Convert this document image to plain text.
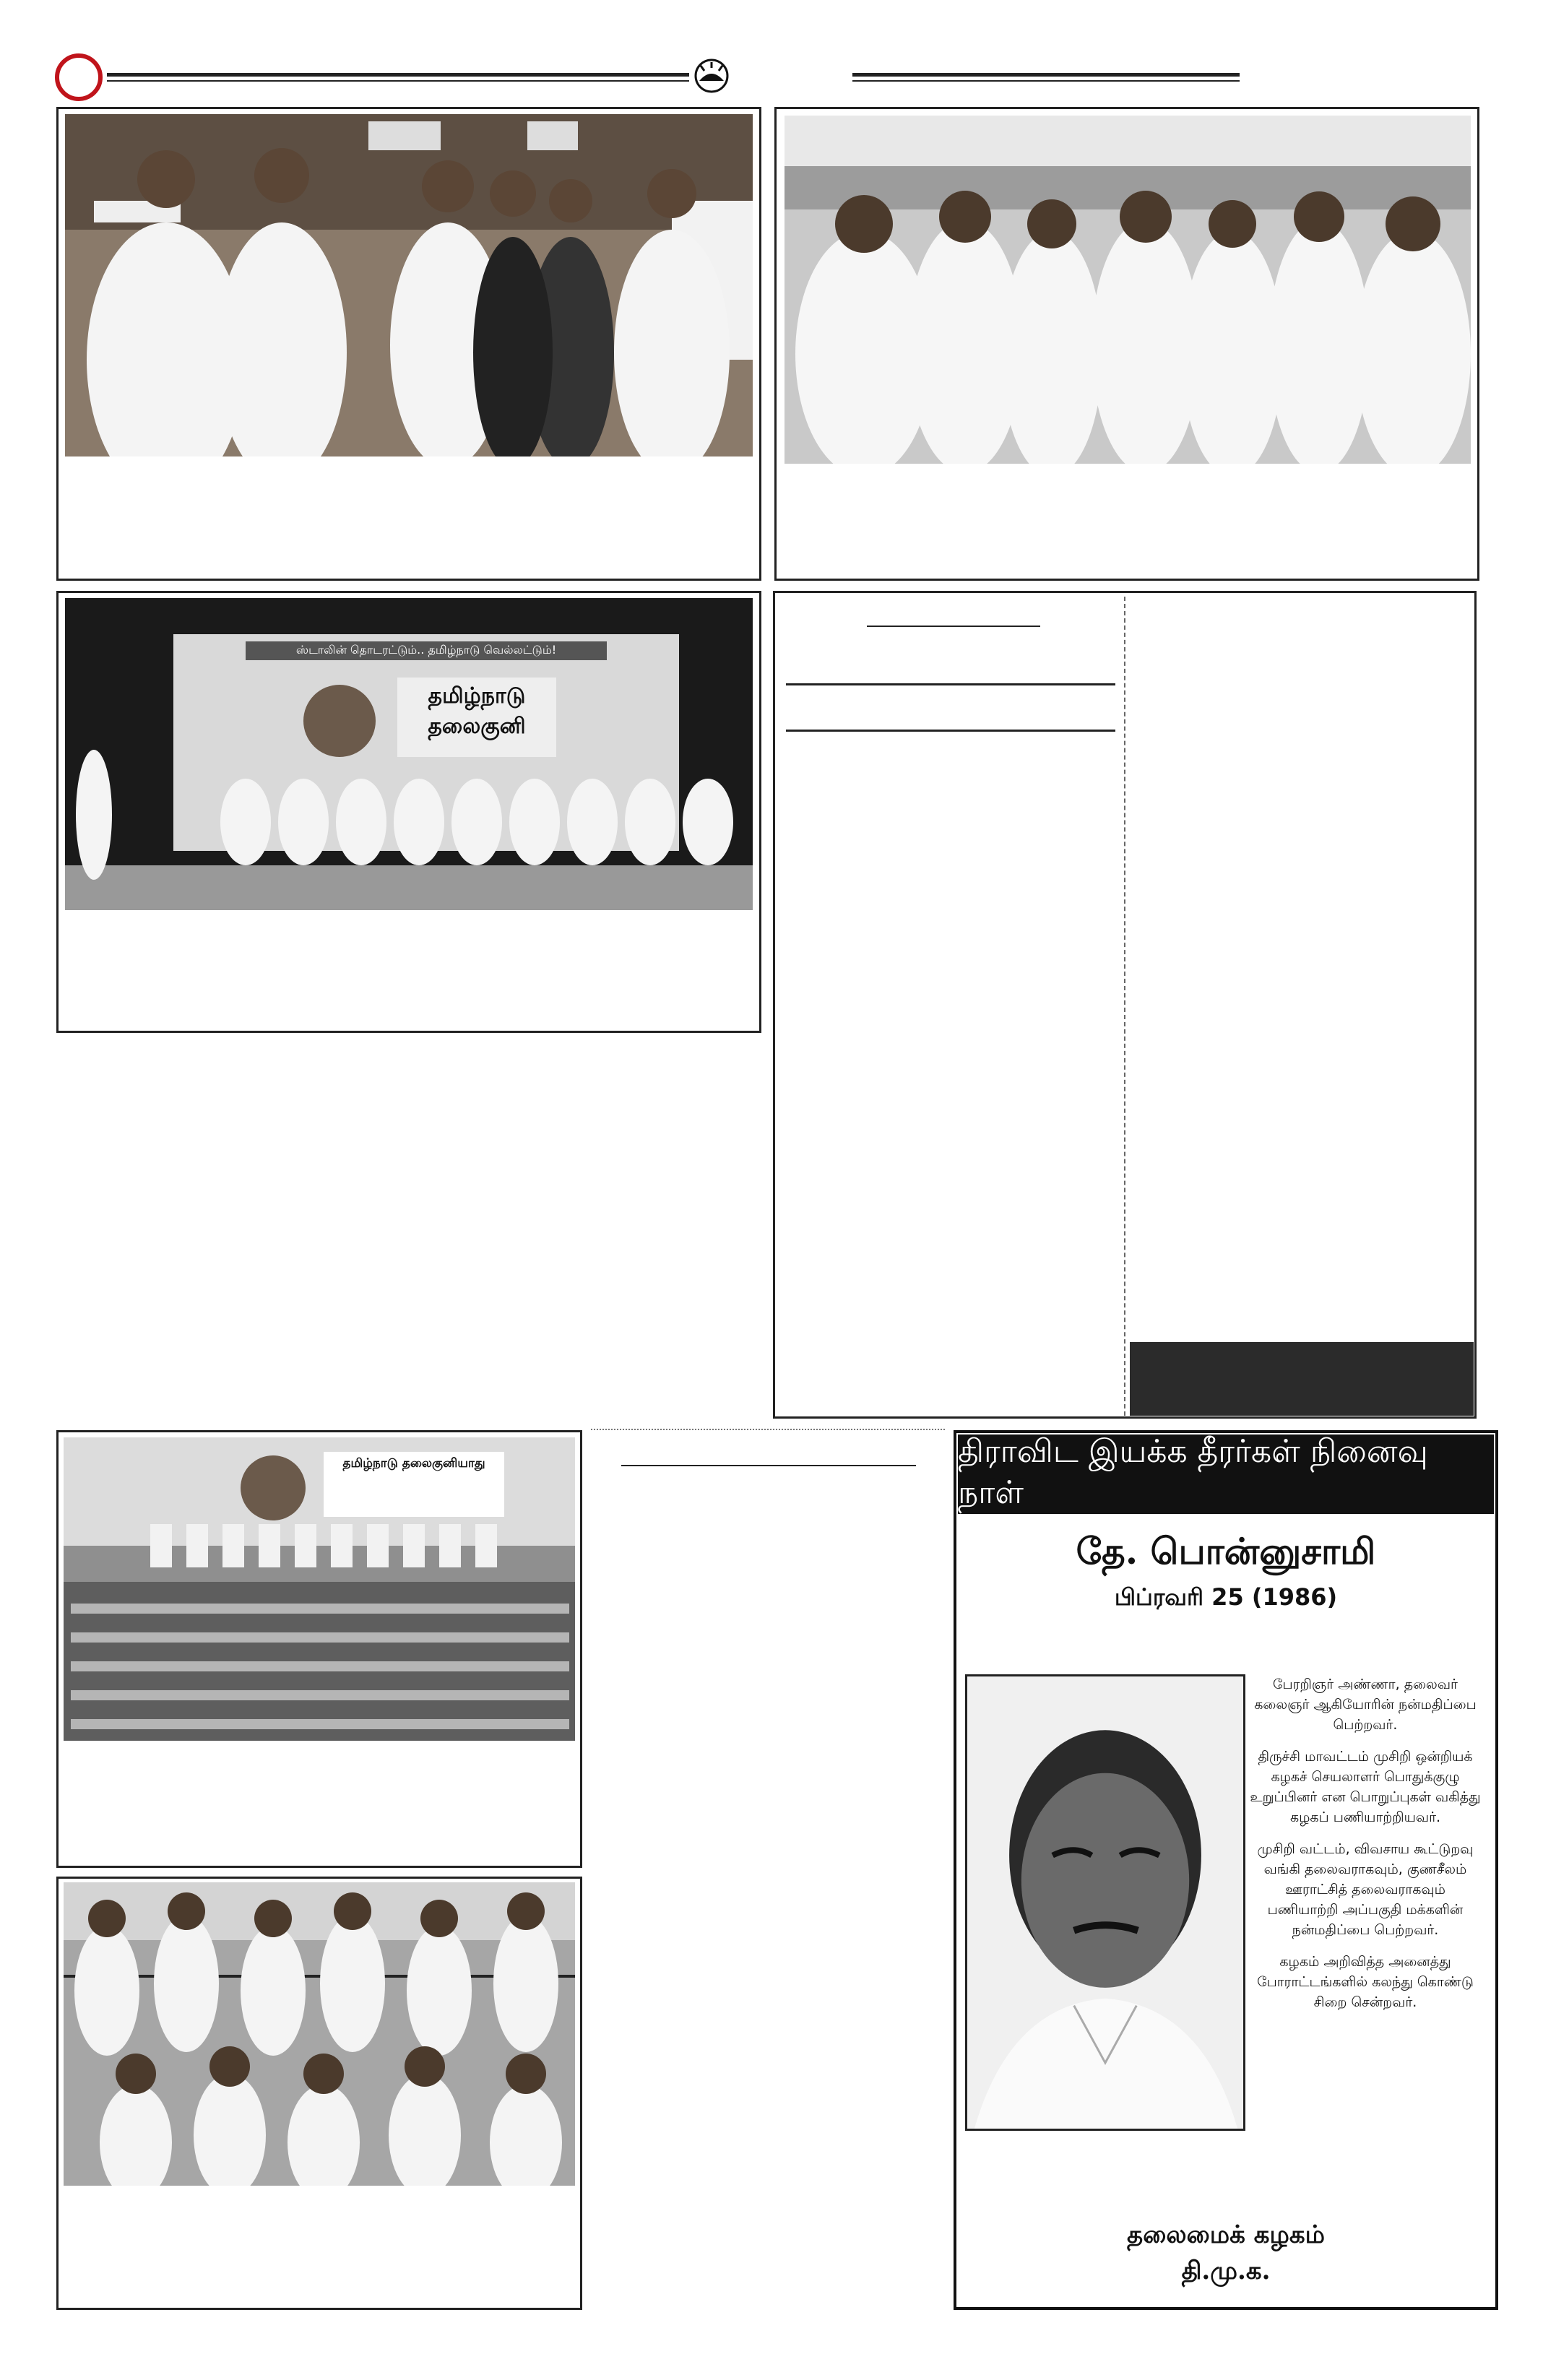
ஸ்டாலின் தொடரட்டும்.. தமிழ்நாடு வெல்லட்டும்!
தமிழ்நாடு
தலைகுனி
தமிழ்நாடு தலைகுனியாது	திராவிட இயக்க தீரர்கள் நினைவு நாள்
தே. பொன்னுசாமி
பிப்ரவரி 25 (1986)

பேரறிஞர் அண்ணா, தலைவர் கலைஞர் ஆகியோரின் நன்மதிப்பை பெற்றவர்.

திருச்சி மாவட்டம் முசிறி ஒன்றியக் கழகச் செயலாளர் பொதுக்குழு உறுப்பினர் என பொறுப்புகள் வகித்து கழகப் பணியாற்றியவர்.

முசிறி வட்டம், விவசாய கூட்டுறவு வங்கி தலைவராகவும், குணசீலம் ஊராட்சித் தலைவராகவும் பணியாற்றி அப்பகுதி மக்களின் நன்மதிப்பை பெற்றவர்.

கழகம் அறிவித்த அனைத்து போராட்டங்களில் கலந்து கொண்டு சிறை சென்றவர்.

தலைமைக் கழகம்
தி.மு.க.
